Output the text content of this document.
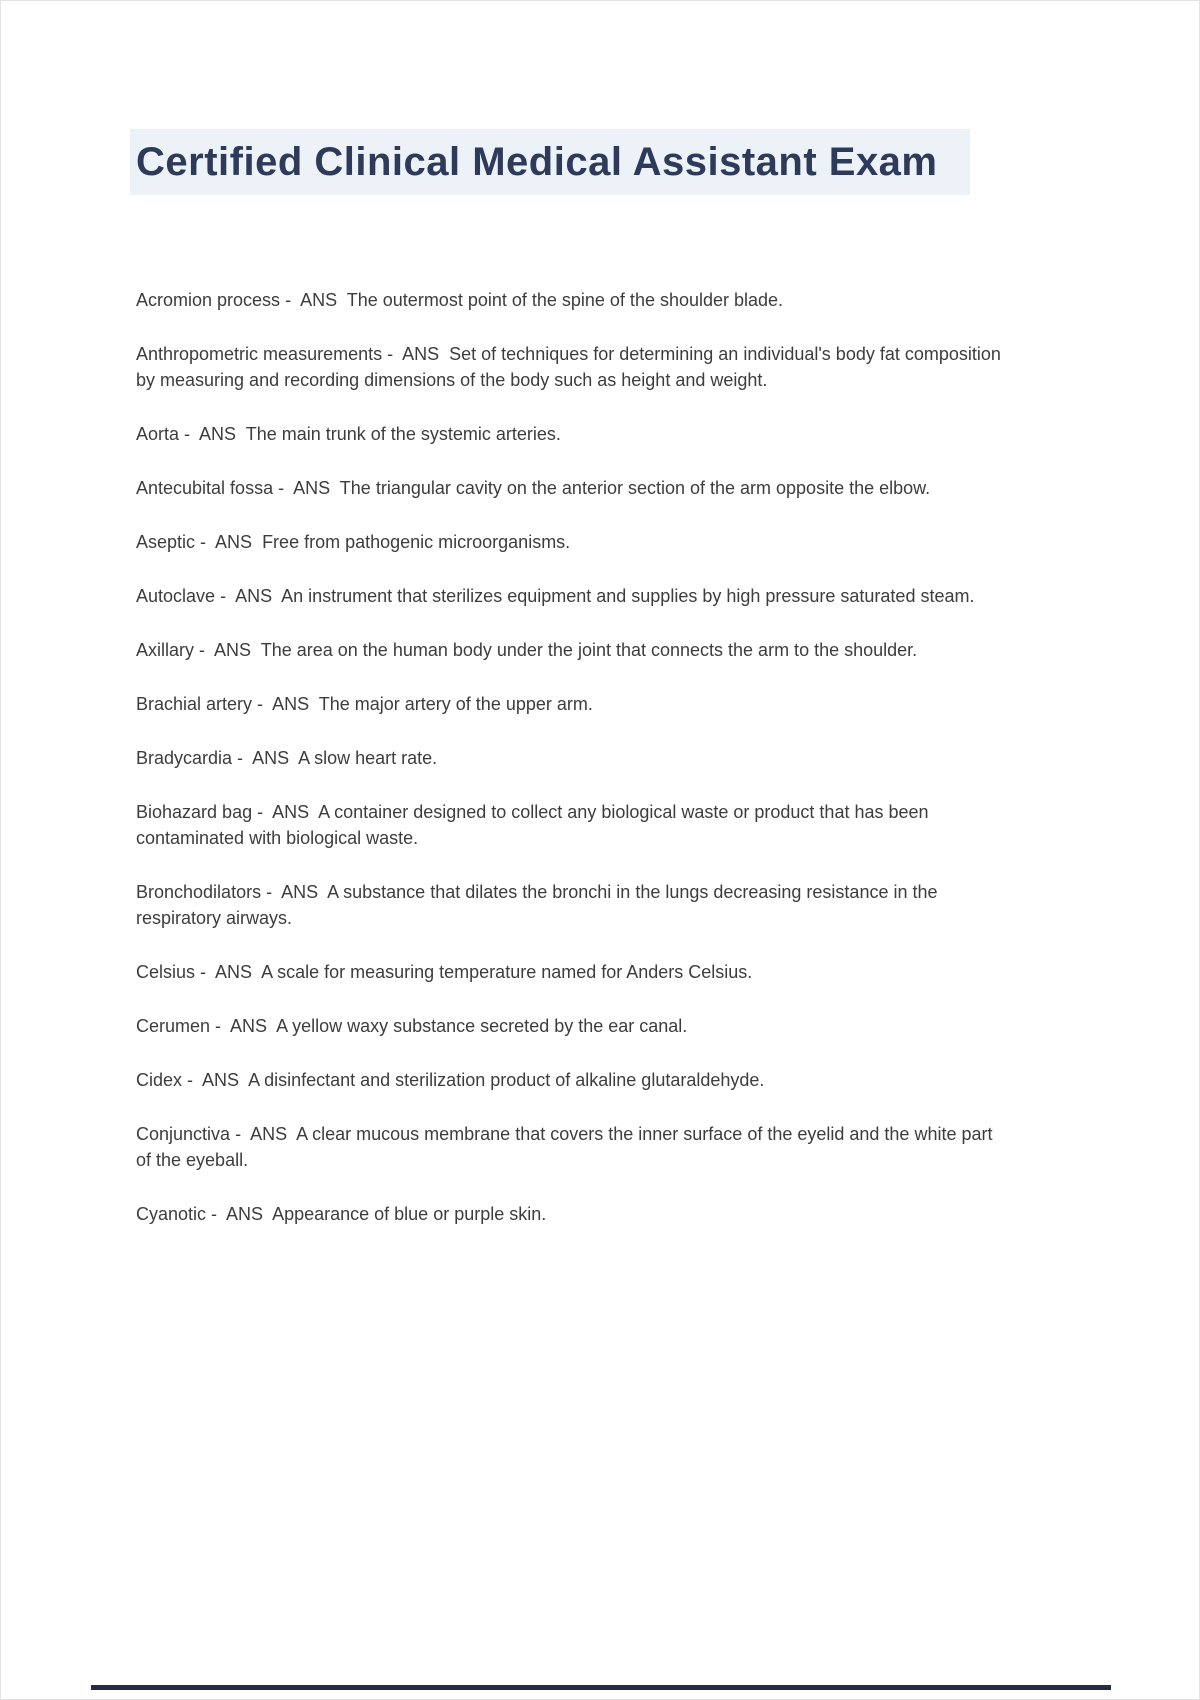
Certified Clinical Medical Assistant Exam

Acromion process -  ANS  The outermost point of the spine of the shoulder blade.

Anthropometric measurements -  ANS  Set of techniques for determining an individual's body fat composition by measuring and recording dimensions of the body such as height and weight.

Aorta -  ANS  The main trunk of the systemic arteries.

Antecubital fossa -  ANS  The triangular cavity on the anterior section of the arm opposite the elbow.

Aseptic -  ANS  Free from pathogenic microorganisms.

Autoclave -  ANS  An instrument that sterilizes equipment and supplies by high pressure saturated steam.

Axillary -  ANS  The area on the human body under the joint that connects the arm to the shoulder.

Brachial artery -  ANS  The major artery of the upper arm.

Bradycardia -  ANS  A slow heart rate.

Biohazard bag -  ANS  A container designed to collect any biological waste or product that has been contaminated with biological waste.

Bronchodilators -  ANS  A substance that dilates the bronchi in the lungs decreasing resistance in the respiratory airways.

Celsius -  ANS  A scale for measuring temperature named for Anders Celsius.

Cerumen -  ANS  A yellow waxy substance secreted by the ear canal.

Cidex -  ANS  A disinfectant and sterilization product of alkaline glutaraldehyde.

Conjunctiva -  ANS  A clear mucous membrane that covers the inner surface of the eyelid and the white part of the eyeball.

Cyanotic -  ANS  Appearance of blue or purple skin.
